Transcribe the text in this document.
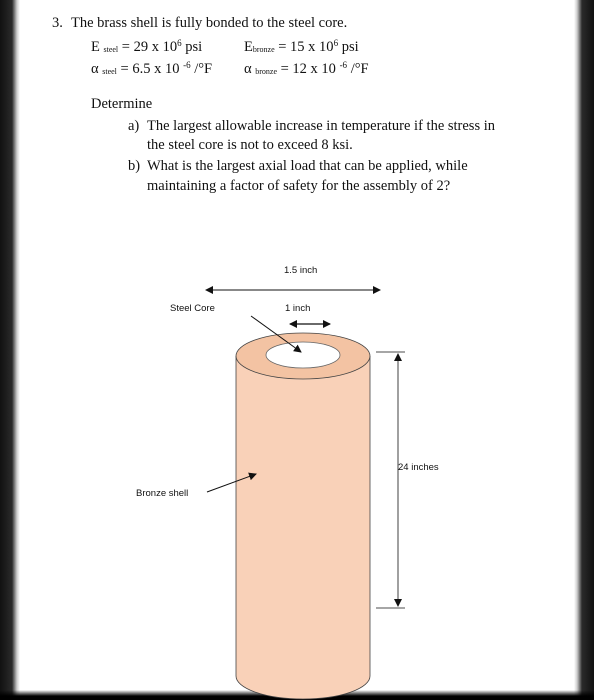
3. The brass shell is fully bonded to the steel core.
E $_{steel}$ = 29 x $10^6$ psi	$E_{bronze} = 15$ x $10^6$ psi
α $_{steel}$ = 6.5 x 10 $^{-6}$ /°F α $_{bronze}$ = 12 x 10 $^{-6}$ /°F
Determine
a) The largest allowable increase in temperature if the stress in
the steel core is not to exceed 8 ksi.
b) What is the largest axial load that can be applied, while
maintaining a factor of safety for the assembly of 2?
1.5 inch
1 inch
Steel Core
Bronze shell
24 inches
